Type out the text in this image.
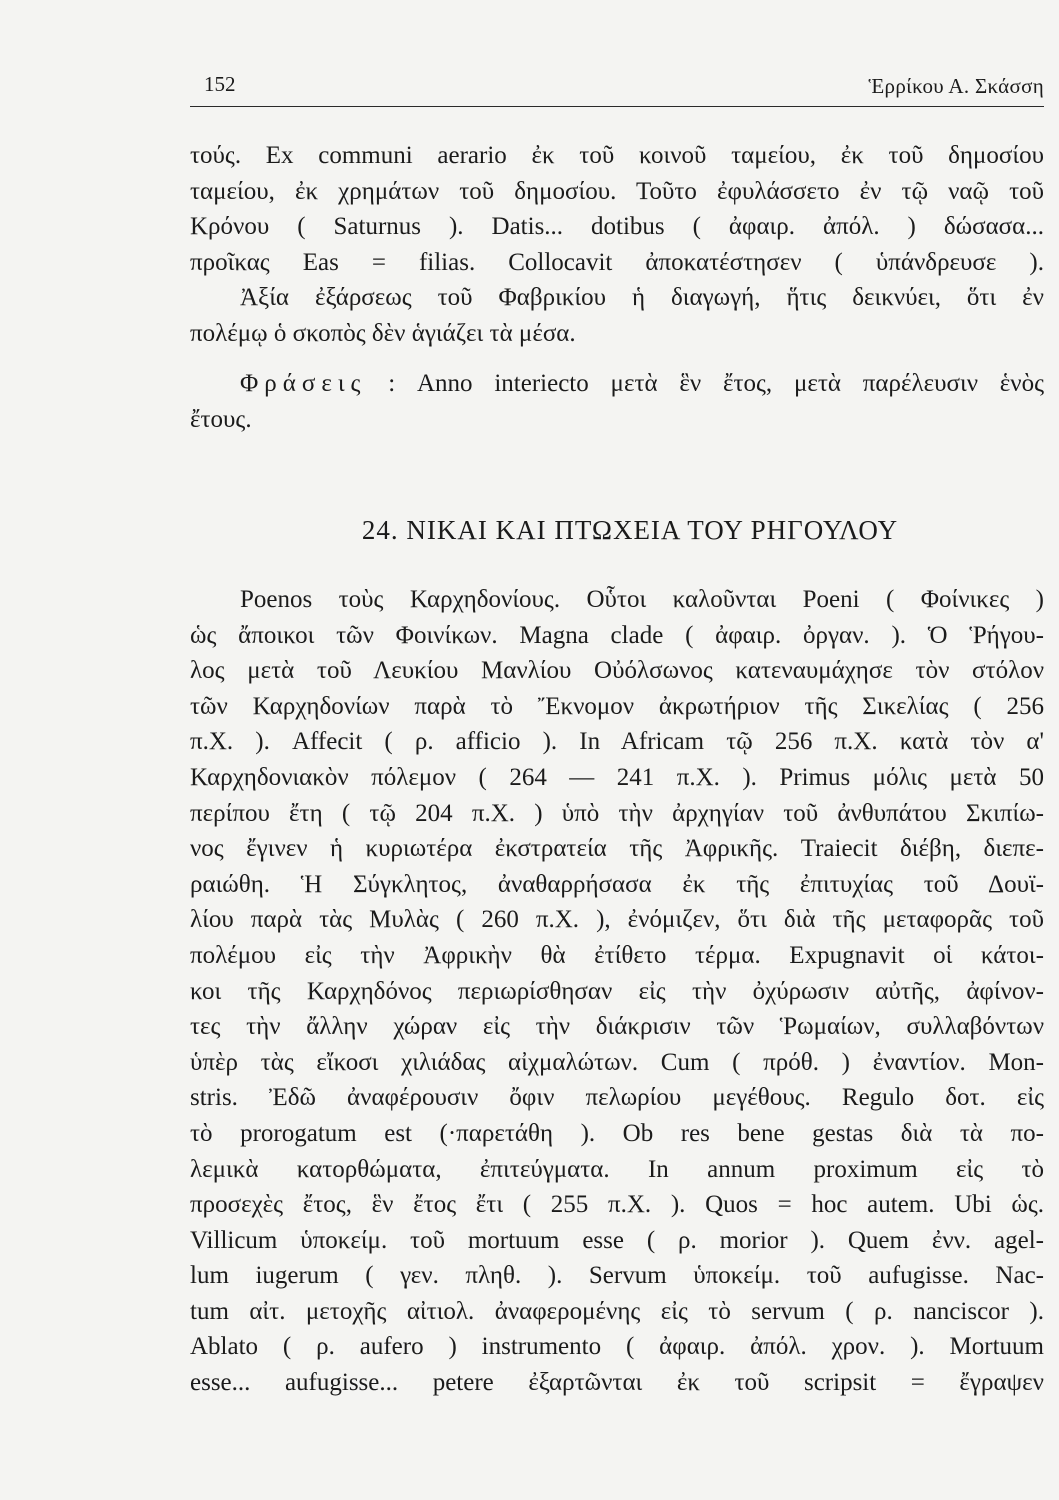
152	Ἑρρίκου Α. Σκάσση
τούς. Ex communi aerario ἐκ τοῦ κοινοῦ ταμείου, ἐκ τοῦ δημοσίου
ταμείου, ἐκ χρημάτων τοῦ δημοσίου. Τοῦτο ἐφυλάσσετο ἐν τῷ ναῷ τοῦ
Κρόνου ( Saturnus ). Datis... dotibus ( ἀφαιρ. ἀπόλ. ) δώσασα...
προῖκας Eas = filias. Collocavit ἀποκατέστησεν ( ὑπάνδρευσε ).
Ἀξία ἐξάρσεως τοῦ Φαβρικίου ἡ διαγωγή, ἥτις δεικνύει, ὅτι ἐν
πολέμῳ ὁ σκοπὸς δὲν ἁγιάζει τὰ μέσα.
Φράσεις : Anno interiecto μετὰ ἓν ἔτος, μετὰ παρέλευσιν ἑνὸς
ἔτους.
24. ΝΙΚΑΙ ΚΑΙ ΠΤΩΧΕΙΑ ΤΟΥ ΡΗΓΟΥΛΟΥ
Poenos τοὺς Καρχηδονίους. Οὗτοι καλοῦνται Poeni ( Φοίνικες )
ὡς ἄποικοι τῶν Φοινίκων. Magna clade ( ἀφαιρ. ὀργαν. ). Ὁ Ῥήγου-
λος μετὰ τοῦ Λευκίου Μανλίου Οὐόλσωνος κατεναυμάχησε τὸν στόλον
τῶν Καρχηδονίων παρὰ τὸ Ἔκνομον ἀκρωτήριον τῆς Σικελίας ( 256
π.Χ. ). Affecit ( ρ. afficio ). In Africam τῷ 256 π.Χ. κατὰ τὸν α'
Καρχηδονιακὸν πόλεμον ( 264 — 241 π.Χ. ). Primus μόλις μετὰ 50
περίπου ἔτη ( τῷ 204 π.Χ. ) ὑπὸ τὴν ἀρχηγίαν τοῦ ἀνθυπάτου Σκιπίω-
νος ἔγινεν ἡ κυριωτέρα ἐκστρατεία τῆς Ἀφρικῆς. Traiecit διέβη, διεπε-
ραιώθη. Ἡ Σύγκλητος, ἀναθαρρήσασα ἐκ τῆς ἐπιτυχίας τοῦ Δουϊ-
λίου παρὰ τὰς Μυλὰς ( 260 π.Χ. ), ἐνόμιζεν, ὅτι διὰ τῆς μεταφορᾶς τοῦ
πολέμου εἰς τὴν Ἀφρικὴν θὰ ἐτίθετο τέρμα. Expugnavit οἱ κάτοι-
κοι τῆς Καρχηδόνος περιωρίσθησαν εἰς τὴν ὀχύρωσιν αὐτῆς, ἀφίνον-
τες τὴν ἄλλην χώραν εἰς τὴν διάκρισιν τῶν Ῥωμαίων, συλλαβόντων
ὑπὲρ τὰς εἴκοσι χιλιάδας αἰχμαλώτων. Cum ( πρόθ. ) ἐναντίον. Mon-
stris. Ἐδῶ ἀναφέρουσιν ὄφιν πελωρίου μεγέθους. Regulo δοτ. εἰς
τὸ prorogatum est (·παρετάθη ). Ob res bene gestas διὰ τὰ πο-
λεμικὰ κατορθώματα, ἐπιτεύγματα. In annum proximum εἰς τὸ
προσεχὲς ἔτος, ἓν ἔτος ἔτι ( 255 π.Χ. ). Quos = hoc autem. Ubi ὡς.
Villicum ὑποκείμ. τοῦ mortuum esse ( ρ. morior ). Quem ἐνν. agel-
lum iugerum ( γεν. πληθ. ). Servum ὑποκείμ. τοῦ aufugisse. Nac-
tum αἰτ. μετοχῆς αἰτιολ. ἀναφερομένης εἰς τὸ servum ( ρ. nanciscor ).
Ablato ( ρ. aufero ) instrumento ( ἀφαιρ. ἀπόλ. χρον. ). Mortuum
esse... aufugisse... petere ἐξαρτῶνται ἐκ τοῦ scripsit = ἔγραψεν
